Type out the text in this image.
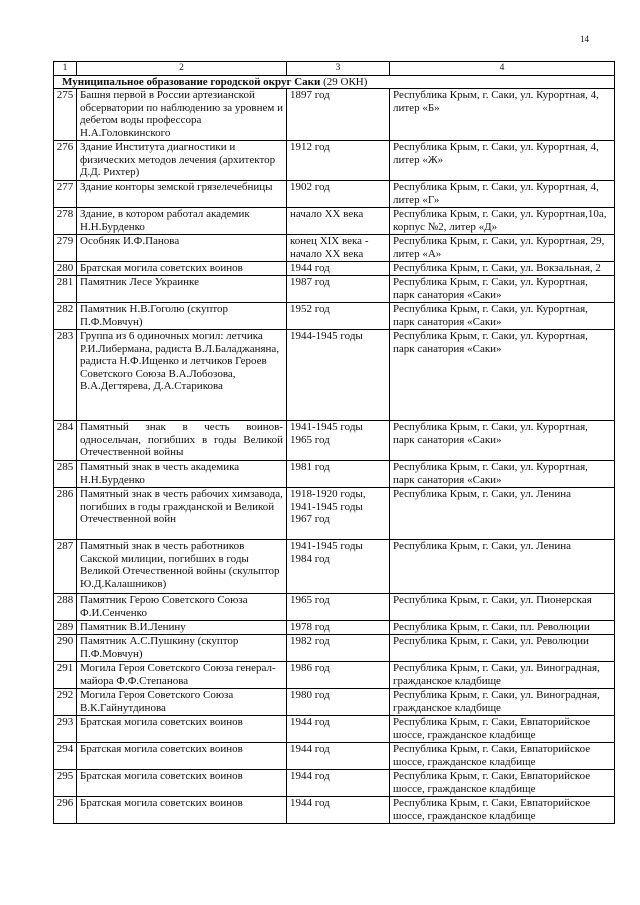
14
1	2	3	4
Муниципальное образование городской округ Саки (29 ОКН)			
275	Башня первой в России артезианской обсерватории по наблюдению за уровнем и дебетом воды профессора Н.А.Головкинского	1897 год	Республика Крым, г. Саки, ул. Курортная, 4, литер «Б»
276	Здание Института диагностики и физических методов лечения (архитектор Д.Д. Рихтер)	1912 год	Республика Крым, г. Саки, ул. Курортная, 4, литер «Ж»
277	Здание конторы земской грязелечебницы	1902 год	Республика Крым, г. Саки, ул. Курортная, 4, литер «Г»
278	Здание, в котором работал академик Н.Н.Бурденко	начало XX века	Республика Крым, г. Саки, ул. Курортная,10а, корпус №2, литер «Д»
279	Особняк И.Ф.Панова	конец XIX века - начало XX века	Республика Крым, г. Саки, ул. Курортная, 29, литер «А»
280	Братская могила советских воинов	1944 год	Республика Крым, г. Саки, ул. Вокзальная, 2
281	Памятник Лесе Украинке	1987 год	Республика Крым, г. Саки, ул. Курортная, парк санатория «Саки»
282	Памятник Н.В.Гоголю (скуптор П.Ф.Мовчун)	1952 год	Республика Крым, г. Саки, ул. Курортная, парк санатория «Саки»
283	Группа из 6 одиночных могил: летчика Р.И.Либермана, радиста В.Л.Баладжаняна, радиста Н.Ф.Ищенко и летчиков Героев Советского Союза В.А.Лобозова, В.А.Дегтярева, Д.А.Старикова	1944-1945 годы	Республика Крым, г. Саки, ул. Курортная, парк санатория «Саки»
284	Памятный знак в честь воинов-односельчан, погибших в годы Великой Отечественной войны	1941-1945 годы 1965 год	Республика Крым, г. Саки, ул. Курортная, парк санатория «Саки»
285	Памятный знак в честь академика Н.Н.Бурденко	1981 год	Республика Крым, г. Саки, ул. Курортная, парк санатория «Саки»
286	Памятный знак в честь рабочих химзавода, погибших в годы гражданской и Великой Отечественной войн	1918-1920 годы, 1941-1945 годы 1967 год	Республика Крым, г. Саки, ул. Ленина
287	Памятный знак в честь работников Сакской милиции, погибших в годы Великой Отечественной войны (скульптор Ю.Д.Калашников)	1941-1945 годы 1984 год	Республика Крым, г. Саки, ул. Ленина
288	Памятник Герою Советского Союза Ф.И.Сенченко	1965 год	Республика Крым, г. Саки, ул. Пионерская
289	Памятник В.И.Ленину	1978 год	Республика Крым, г. Саки, пл. Революции
290	Памятник А.С.Пушкину (скуптор П.Ф.Мовчун)	1982 год	Республика Крым, г. Саки, ул. Революции
291	Могила Героя Советского Союза генерал-майора Ф.Ф.Степанова	1986 год	Республика Крым, г. Саки, ул. Виноградная, гражданское кладбище
292	Могила Героя Советского Союза В.К.Гайнутдинова	1980 год	Республика Крым, г. Саки, ул. Виноградная, гражданское кладбище
293	Братская могила советских воинов	1944 год	Республика Крым, г. Саки, Евпаторийское шоссе, гражданское кладбище
294	Братская могила советских воинов	1944 год	Республика Крым, г. Саки, Евпаторийское шоссе, гражданское кладбище
295	Братская могила советских воинов	1944 год	Республика Крым, г. Саки, Евпаторийское шоссе, гражданское кладбище
296	Братская могила советских воинов	1944 год	Республика Крым, г. Саки, Евпаторийское шоссе, гражданское кладбище
